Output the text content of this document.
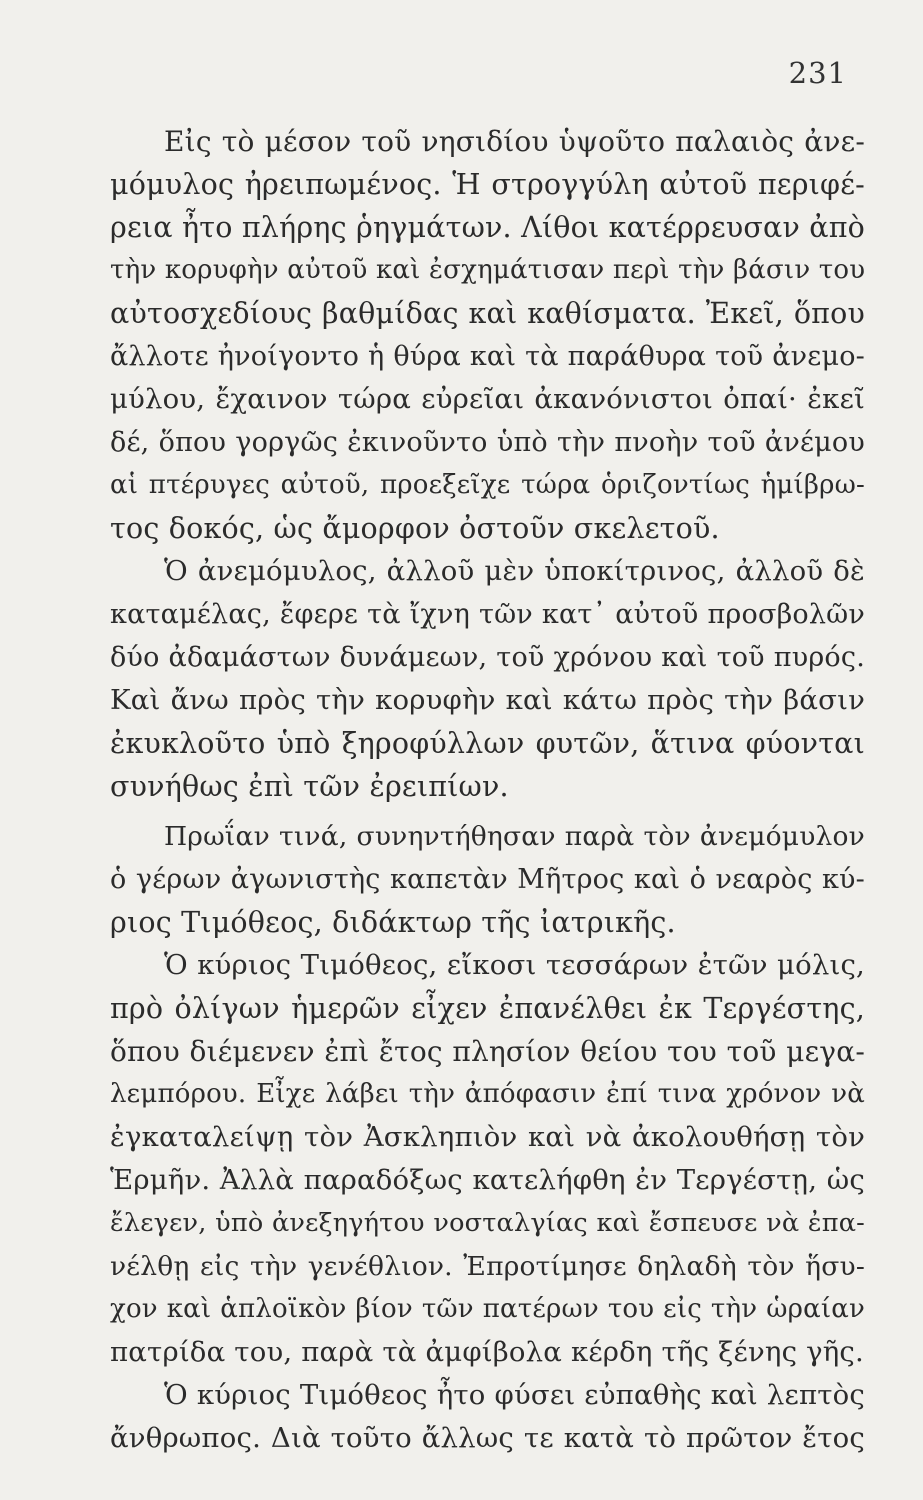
231
Εἰς τὸ μέσον τοῦ νησιδίου ὑψοῦτο παλαιὸς ἀνε-
μόμυλος ἠρειπωμένος. Ἡ στρογγύλη αὐτοῦ περιφέ-
ρεια ἦτο πλήρης ῥηγμάτων. Λίθοι κατέρρευσαν ἀπὸ
τὴν κορυφὴν αὐτοῦ καὶ ἐσχημάτισαν περὶ τὴν βάσιν του
αὐτοσχεδίους βαθμίδας καὶ καθίσματα. Ἐκεῖ, ὅπου
ἄλλοτε ἠνοίγοντο ἡ θύρα καὶ τὰ παράθυρα τοῦ ἀνεμο-
μύλου, ἔχαινον τώρα εὐρεῖαι ἀκανόνιστοι ὀπαί· ἐκεῖ
δέ, ὅπου γοργῶς ἐκινοῦντο ὑπὸ τὴν πνοὴν τοῦ ἀνέμου
αἱ πτέρυγες αὐτοῦ, προεξεῖχε τώρα ὁριζοντίως ἡμίβρω-
τος δοκός, ὡς ἄμορφον ὀστοῦν σκελετοῦ.
Ὁ ἀνεμόμυλος, ἀλλοῦ μὲν ὑποκίτρινος, ἀλλοῦ δὲ
καταμέλας, ἔφερε τὰ ἴχνη τῶν κατ᾽ αὐτοῦ προσβολῶν
δύο ἀδαμάστων δυνάμεων, τοῦ χρόνου καὶ τοῦ πυρός.
Καὶ ἄνω πρὸς τὴν κορυφὴν καὶ κάτω πρὸς τὴν βάσιν
ἐκυκλοῦτο ὑπὸ ξηροφύλλων φυτῶν, ἅτινα φύονται
συνήθως ἐπὶ τῶν ἐρειπίων.
Πρωΐαν τινά, συνηντήθησαν παρὰ τὸν ἀνεμόμυλον
ὁ γέρων ἀγωνιστὴς καπετὰν Μῆτρος καὶ ὁ νεαρὸς κύ-
ριος Τιμόθεος, διδάκτωρ τῆς ἰατρικῆς.
Ὁ κύριος Τιμόθεος, εἴκοσι τεσσάρων ἐτῶν μόλις,
πρὸ ὀλίγων ἡμερῶν εἶχεν ἐπανέλθει ἐκ Τεργέστης,
ὅπου διέμενεν ἐπὶ ἔτος πλησίον θείου του τοῦ μεγα-
λεμπόρου. Εἶχε λάβει τὴν ἀπόφασιν ἐπί τινα χρόνον νὰ
ἐγκαταλείψῃ τὸν Ἀσκληπιὸν καὶ νὰ ἀκολουθήσῃ τὸν
Ἑρμῆν. Ἀλλὰ παραδόξως κατελήφθη ἐν Τεργέστῃ, ὡς
ἔλεγεν, ὑπὸ ἀνεξηγήτου νοσταλγίας καὶ ἔσπευσε νὰ ἐπα-
νέλθῃ εἰς τὴν γενέθλιον. Ἐπροτίμησε δηλαδὴ τὸν ἥσυ-
χον καὶ ἁπλοϊκὸν βίον τῶν πατέρων του εἰς τὴν ὡραίαν
πατρίδα του, παρὰ τὰ ἀμφίβολα κέρδη τῆς ξένης γῆς.
Ὁ κύριος Τιμόθεος ἦτο φύσει εὐπαθὴς καὶ λεπτὸς
ἄνθρωπος. Διὰ τοῦτο ἄλλως τε κατὰ τὸ πρῶτον ἔτος
